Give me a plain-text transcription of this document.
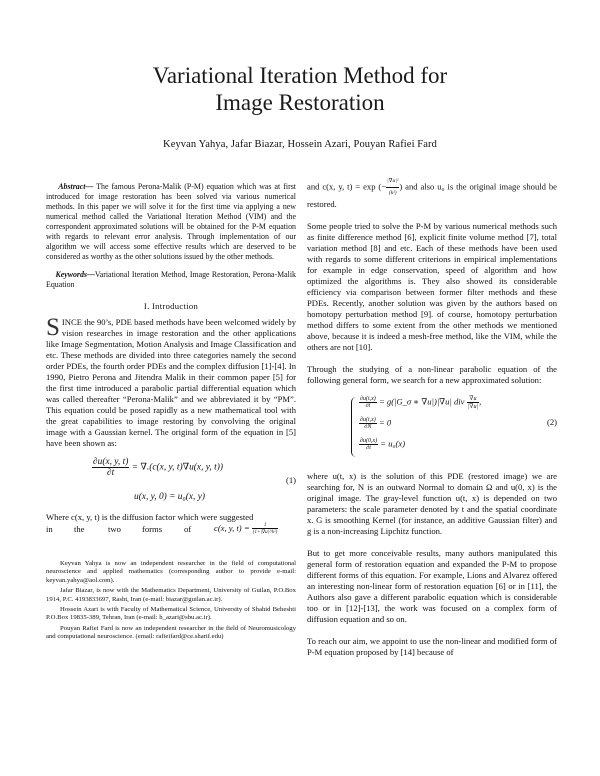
Variational Iteration Method for
Image Restoration
Keyvan Yahya, Jafar Biazar, Hossein Azari, Pouyan Rafiei Fard

Abstract— The famous Perona-Malik (P-M) equation which was at first introduced for image restoration has been solved via various numerical methods. In this paper we will solve it for the first time via applying a new numerical method called the Variational Iteration Method (VIM) and the correspondent approximated solutions will be obtained for the P-M equation with regards to relevant error analysis. Through implementation of our algorithm we will access some effective results which are deserved to be considered as worthy as the other solutions issued by the other methods.

Keywords—Variational Iteration Method, Image Restoration, Perona-Malik Equation

I. Introduction

SINCE the 90’s, PDE based methods have been welcomed widely by vision researches in image restoration and the other applications like Image Segmentation, Motion Analysis and Image Classification and etc. These methods are divided into three categories namely the second order PDEs, the fourth order PDEs and the complex diffusion [1]-[4]. In 1990, Pietro Perona and Jitendra Malik in their common paper [5] for the first time introduced a parabolic partial differential equation which was called thereafter “Perona-Malik” and we abbreviated it by “PM”. This equation could be posed rapidly as a new mathematical tool with the great capabilities to image restoring by convolving the original image with a Gaussian kernel. The original form of the equation in [5] have been shown as:

$\frac{\partial u(x, y, t)}{\partial t} = \nabla.(c(x$, y, t)∇u(x, y, t))
u(x, y, 0) = u₀(x, y)
(1)

Where c(x, y, t) is the diffusion factor which were suggested

in the	two forms	of	c(x, y, $t) = \frac{1}{\text{(1+|∇u|²/k²)}}$

Keyvan Yahya is now an independent researcher in the field of computational neuroscience and applied mathematics (corresponding author to provide e-mail: keyvan.yahya@aol.com).

Jafar Biazar, is now with the Mathematics Department, University of Guilan, P.O.Box 1914, P.C. 4193833697, Rasht, Iran (e-mail: biazar@guilan.ac.ir).

Hossein Azari is with Faculty of Mathematical Science, University of Shahid Beheshti P.O.Box 19835-389, Tehran, Iran (e-mail: h_azari@sbu.ac.ir).

Pouyan Rafiei Fard is now an independent researcher in the field of Neuromusicology and computational neuroscience. (email: rafieifard@ce.sharif.edu)

and c(x, y, t) = exp (− $\frac{\text{|∇u|²}}{\text{(k²)}}$ ) and also u₀ is the original image should be restored.

Some people tried to solve the P-M by various numerical methods such as finite difference method [6], explicit finite volume method [7], total variation method [8] and etc. Each of these methods have been used with regards to some different criterions in empirical implementations for example in edge conservation, speed of algorithm and how optimized the algorithms is. They also showed its considerable efficiency via comparison between former filter methods and these PDEs. Recently, another solution was given by the authors based on homotopy perturbation method [9]. of course, homotopy perturbation method differs to some extent from the other methods we mentioned above, because it is indeed a mesh-free method, like the VIM, while the others are not [10].

Through the studying of a non-linear parabolic equation of the following general form, we search for a new approximated solution:

$\frac{\partial u(t,x)}{\partial t}$ = g(|G_σ ∗ ∇u|)|∇u| div $\frac{\nabla u}{|\nabla u|}$ ,
$\frac{\partial u(t,x)}{\partial N} = 0$
$\frac{\partial u(0,x)}{\partial t} = u_0(x)$
(2)

where u(t, x) is the solution of this PDE (restored image) we are searching for, N is an outward Normal to domain Ω and u(0, x) is the original image. The gray-level function u(t, x) is depended on two parameters: the scale parameter denoted by t and the spatial coordinate x. G is smoothing Kernel (for instance, an additive Gaussian filter) and g is a non-increasing Lipchitz function.

But to get more conceivable results, many authors manipulated this general form of restoration equation and expanded the P-M to propose different forms of this equation. For example, Lions and Alvarez offered an interesting non-linear form of restoration equation [6] or in [11], the Authors also gave a different parabolic equation which is considerable too or in [12]-[13], the work was focused on a complex form of diffusion equation and so on.

To reach our aim, we appoint to use the non-linear and modified form of P-M equation proposed by [14] because of
